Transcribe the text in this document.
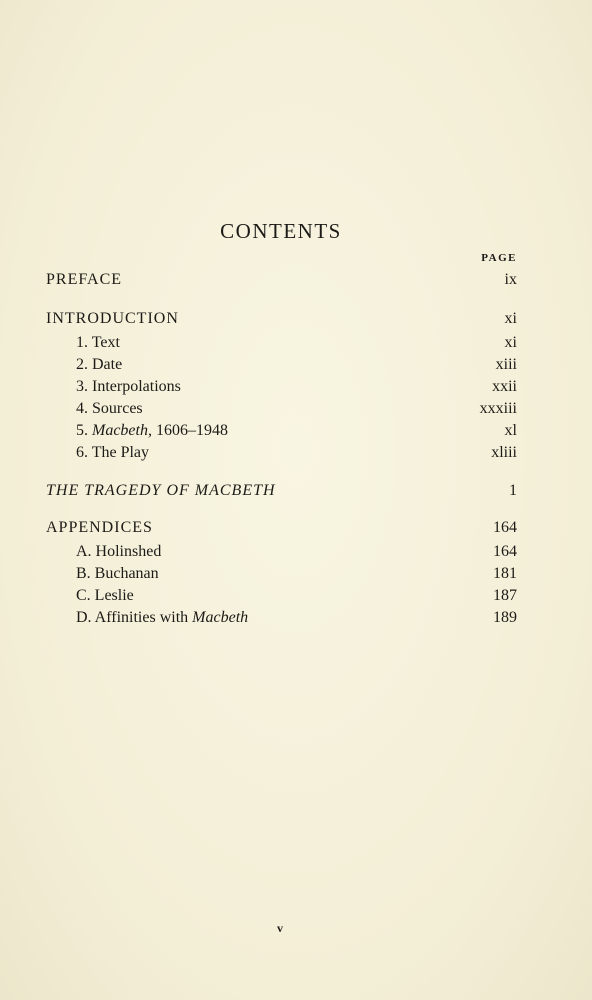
CONTENTS
PAGE
PREFACE	ix
INTRODUCTION	xi
1. Text	xi
2. Date	xiii
3. Interpolations	xxii
4. Sources	xxxiii
5. Macbeth, 1606–1948	xl
6. The Play	xliii
THE TRAGEDY OF MACBETH	1
APPENDICES	164
A. Holinshed	164
B. Buchanan	181
C. Leslie	187
D. Affinities with Macbeth	189
v
